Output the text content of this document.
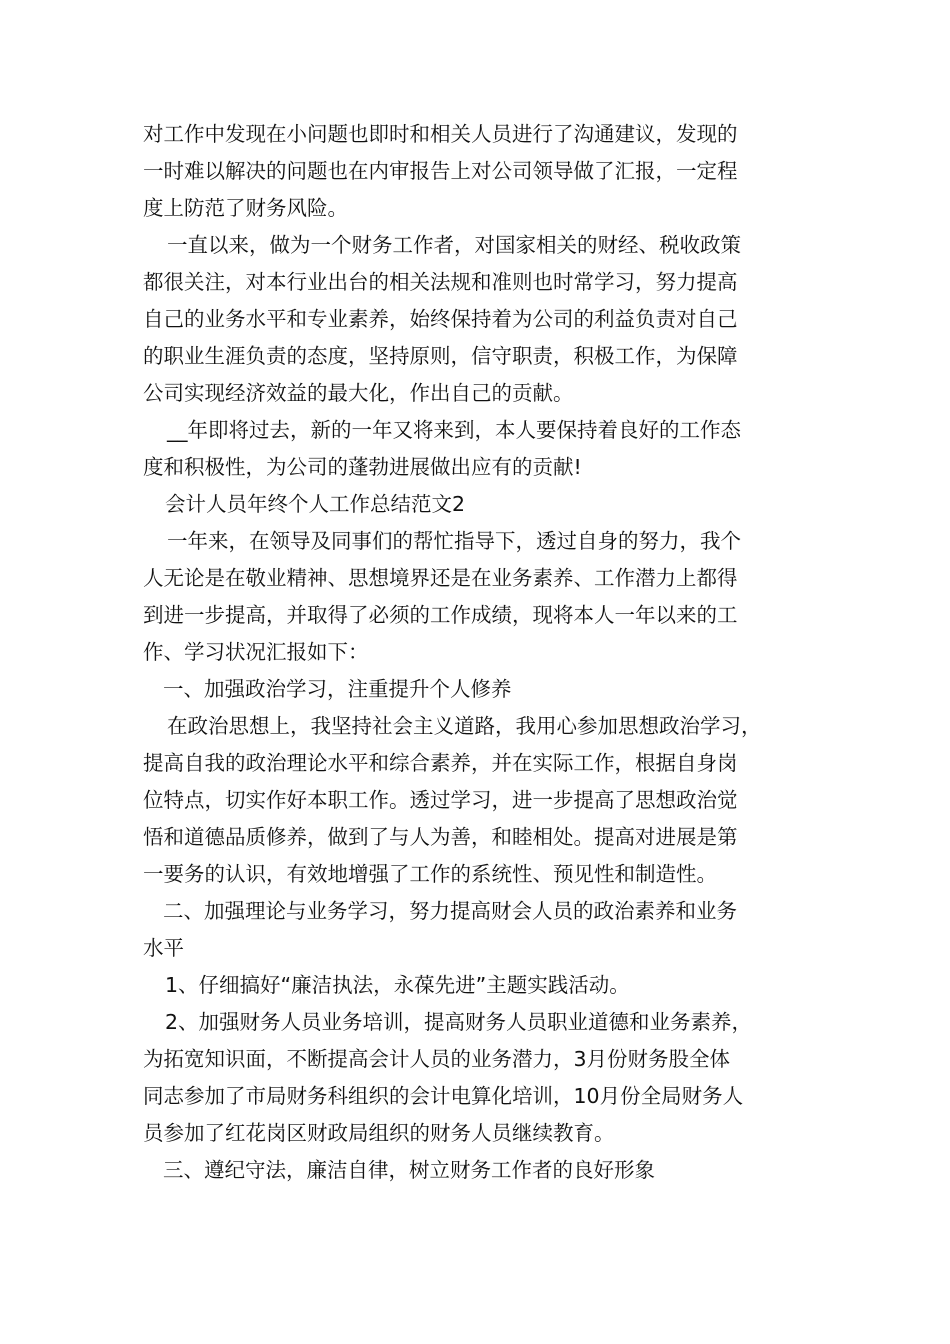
对工作中发现在小问题也即时和相关人员进行了沟通建议，发现的

一时难以解决的问题也在内审报告上对公司领导做了汇报，一定程

度上防范了财务风险。

一直以来，做为一个财务工作者，对国家相关的财经、税收政策

都很关注，对本行业出台的相关法规和准则也时常学习，努力提高

自己的业务水平和专业素养，始终保持着为公司的利益负责对自己

的职业生涯负责的态度，坚持原则，信守职责，积极工作，为保障

公司实现经济效益的最大化，作出自己的贡献。

__年即将过去，新的一年又将来到，本人要保持着良好的工作态

度和积极性，为公司的蓬勃进展做出应有的贡献!

会计人员年终个人工作总结范文2

一年来，在领导及同事们的帮忙指导下，透过自身的努力，我个

人无论是在敬业精神、思想境界还是在业务素养、工作潜力上都得

到进一步提高，并取得了必须的工作成绩，现将本人一年以来的工

作、学习状况汇报如下：

一、加强政治学习，注重提升个人修养

在政治思想上，我坚持社会主义道路，我用心参加思想政治学习，

提高自我的政治理论水平和综合素养，并在实际工作，根据自身岗

位特点，切实作好本职工作。透过学习，进一步提高了思想政治觉

悟和道德品质修养，做到了与人为善，和睦相处。提高对进展是第

一要务的认识，有效地增强了工作的系统性、预见性和制造性。

二、加强理论与业务学习，努力提高财会人员的政治素养和业务

水平

1、仔细搞好“廉洁执法，永葆先进”主题实践活动。

2、加强财务人员业务培训，提高财务人员职业道德和业务素养，

为拓宽知识面，不断提高会计人员的业务潜力，3月份财务股全体

同志参加了市局财务科组织的会计电算化培训，10月份全局财务人

员参加了红花岗区财政局组织的财务人员继续教育。

三、遵纪守法，廉洁自律，树立财务工作者的良好形象
